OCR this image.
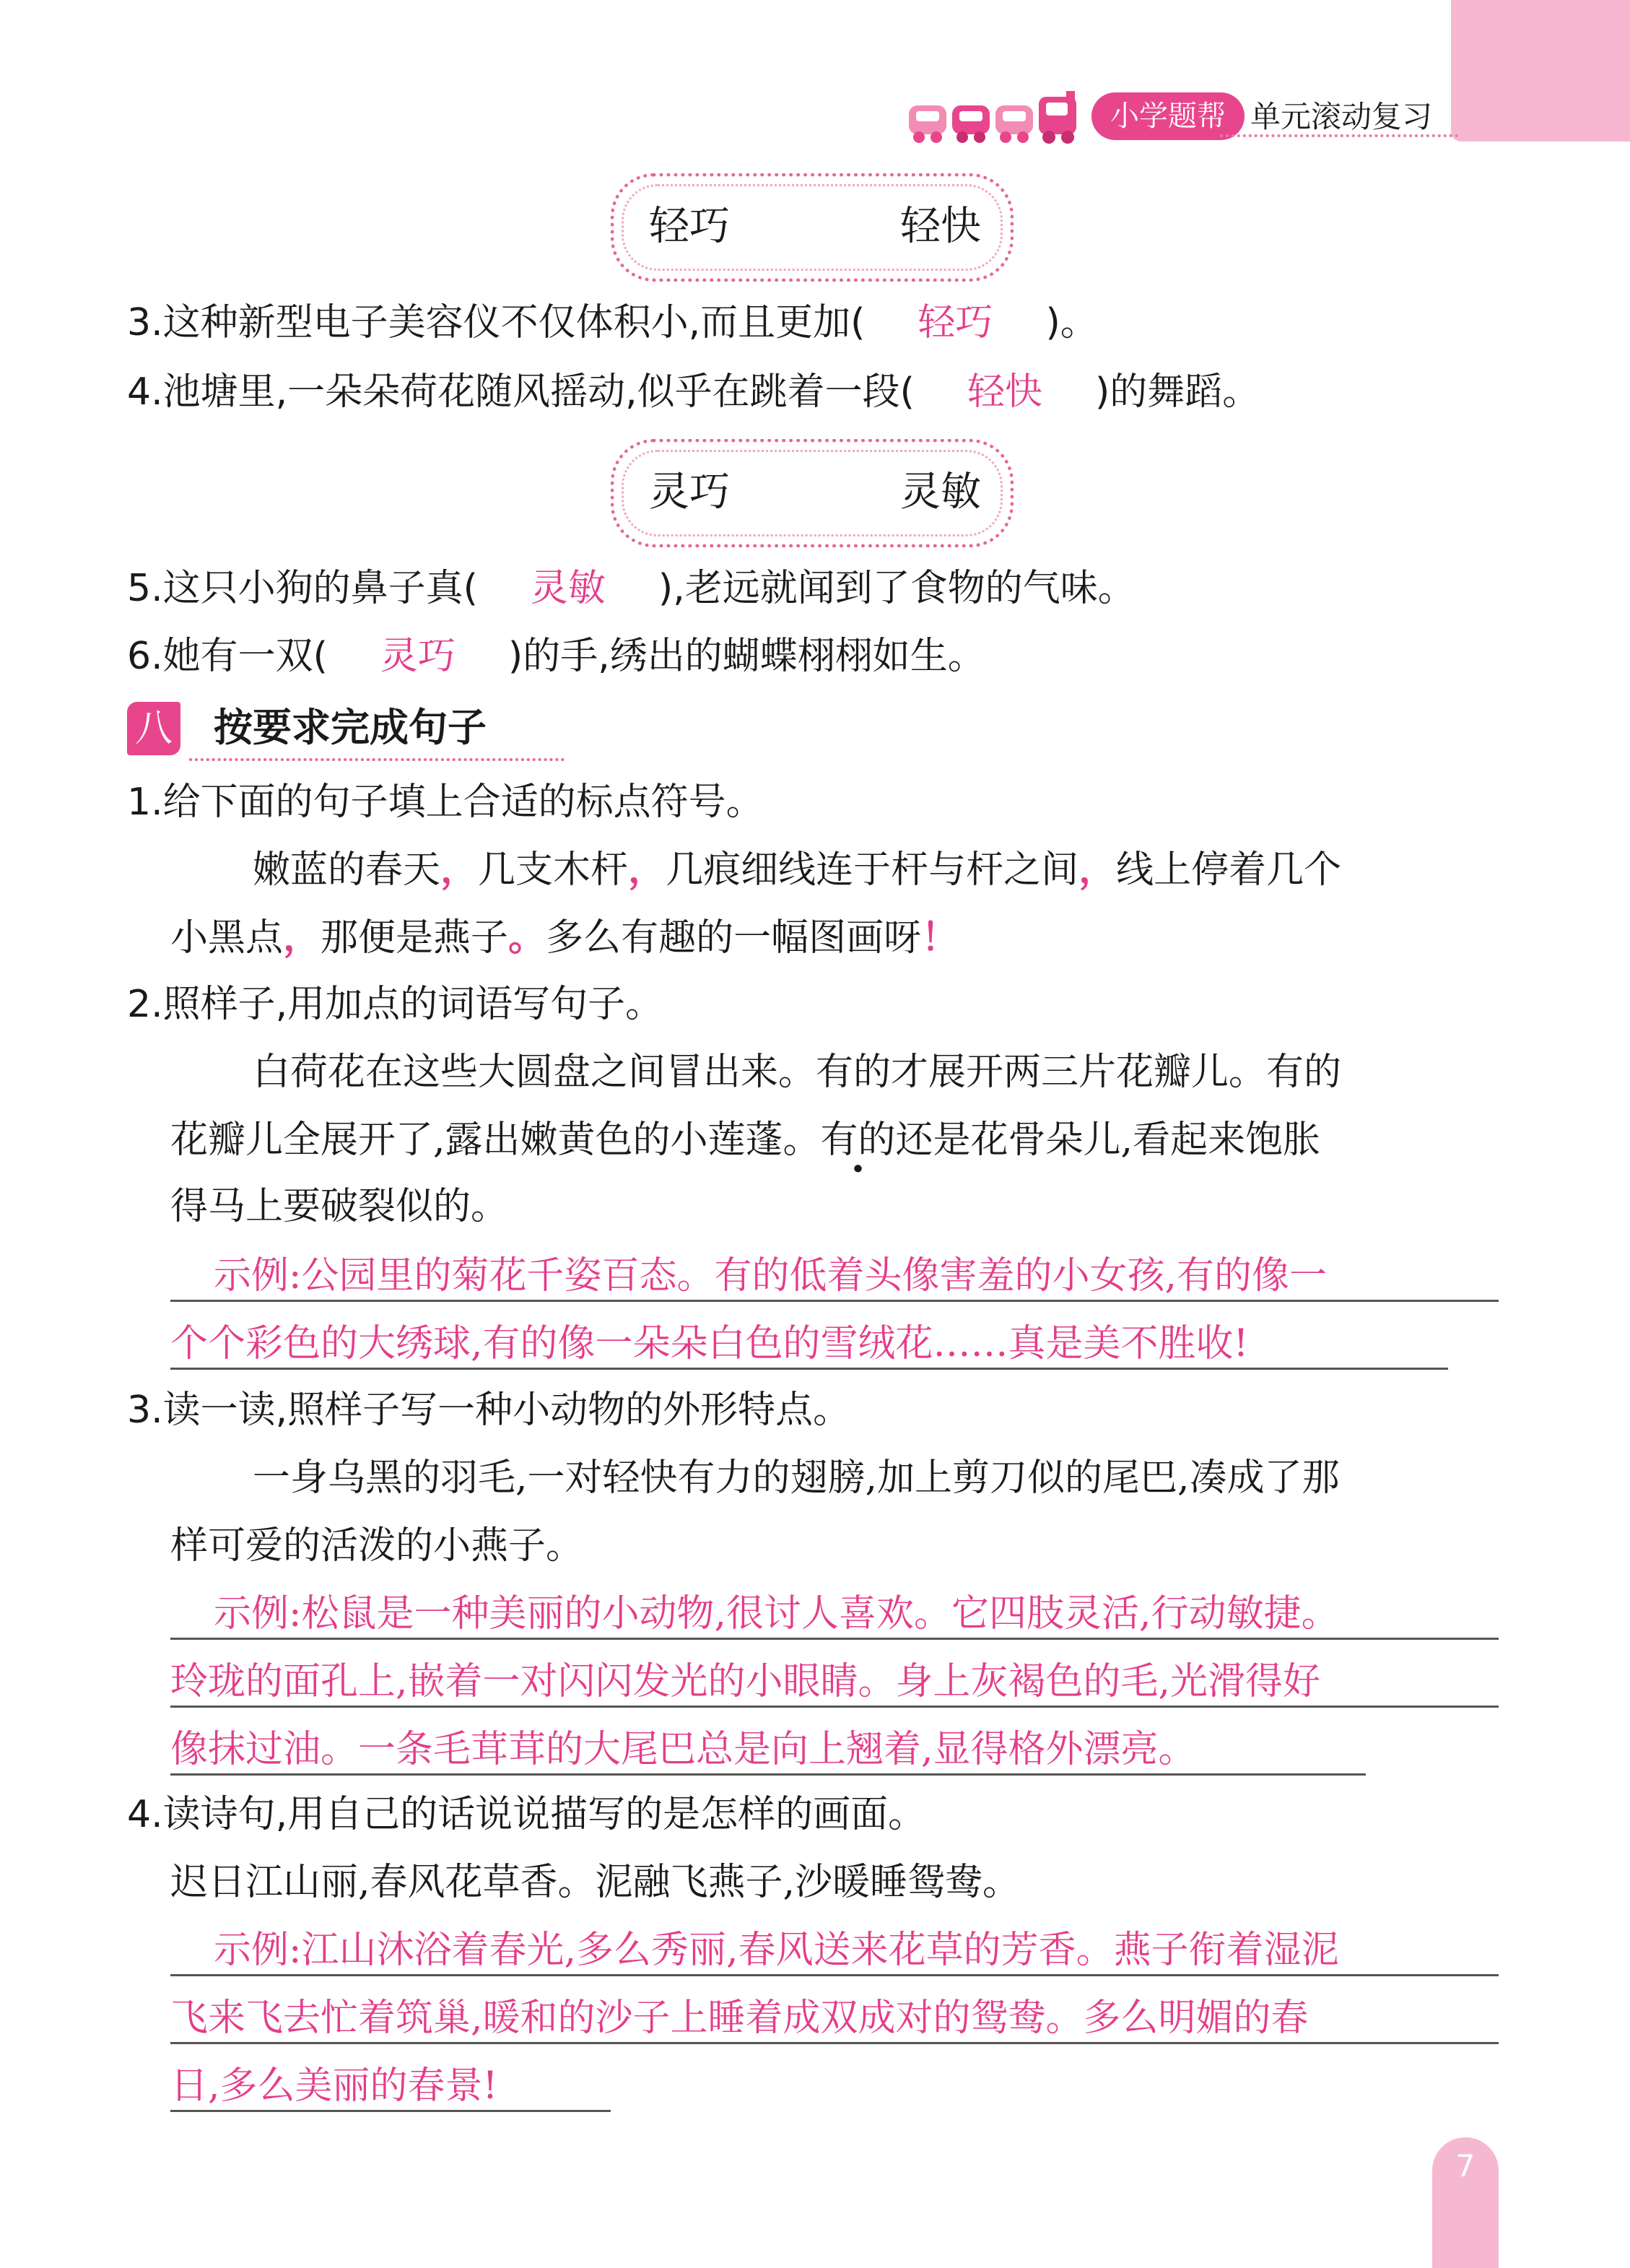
小学题帮 单元滚动复习
轻巧	轻快
3.这种新型电子美容仪不仅体积小,而且更加( 轻巧 )。
4.池塘里,一朵朵荷花随风摇动,似乎在跳着一段( 轻快 )的舞蹈。
灵巧	灵敏
5.这只小狗的鼻子真( 灵敏 ),老远就闻到了食物的气味。
6.她有一双( 灵巧 )的手,绣出的蝴蝶栩栩如生。
八 按要求完成句子
1.给下面的句子填上合适的标点符号。
嫩蓝的春天，几支木杆，几痕细线连于杆与杆之间，线上停着几个
小黑点，那便是燕子。多么有趣的一幅图画呀！
2.照样子,用加点的词语写句子。
白荷花在这些大圆盘之间冒出来。有的才展开两三片花瓣儿。有的
花瓣儿全展开了,露出嫩黄色的小莲蓬。有的还是花骨朵儿,看起来饱胀
得马上要破裂似的。
示例:公园里的菊花千姿百态。有的低着头像害羞的小女孩,有的像一
个个彩色的大绣球,有的像一朵朵白色的雪绒花……真是美不胜收!
3.读一读,照样子写一种小动物的外形特点。
一身乌黑的羽毛,一对轻快有力的翅膀,加上剪刀似的尾巴,凑成了那
样可爱的活泼的小燕子。
示例:松鼠是一种美丽的小动物,很讨人喜欢。它四肢灵活,行动敏捷。
玲珑的面孔上,嵌着一对闪闪发光的小眼睛。身上灰褐色的毛,光滑得好
像抹过油。一条毛茸茸的大尾巴总是向上翘着,显得格外漂亮。
4.读诗句,用自己的话说说描写的是怎样的画面。
迟日江山丽,春风花草香。泥融飞燕子,沙暖睡鸳鸯。
示例:江山沐浴着春光,多么秀丽,春风送来花草的芳香。燕子衔着湿泥
飞来飞去忙着筑巢,暖和的沙子上睡着成双成对的鸳鸯。多么明媚的春
日,多么美丽的春景!
7
